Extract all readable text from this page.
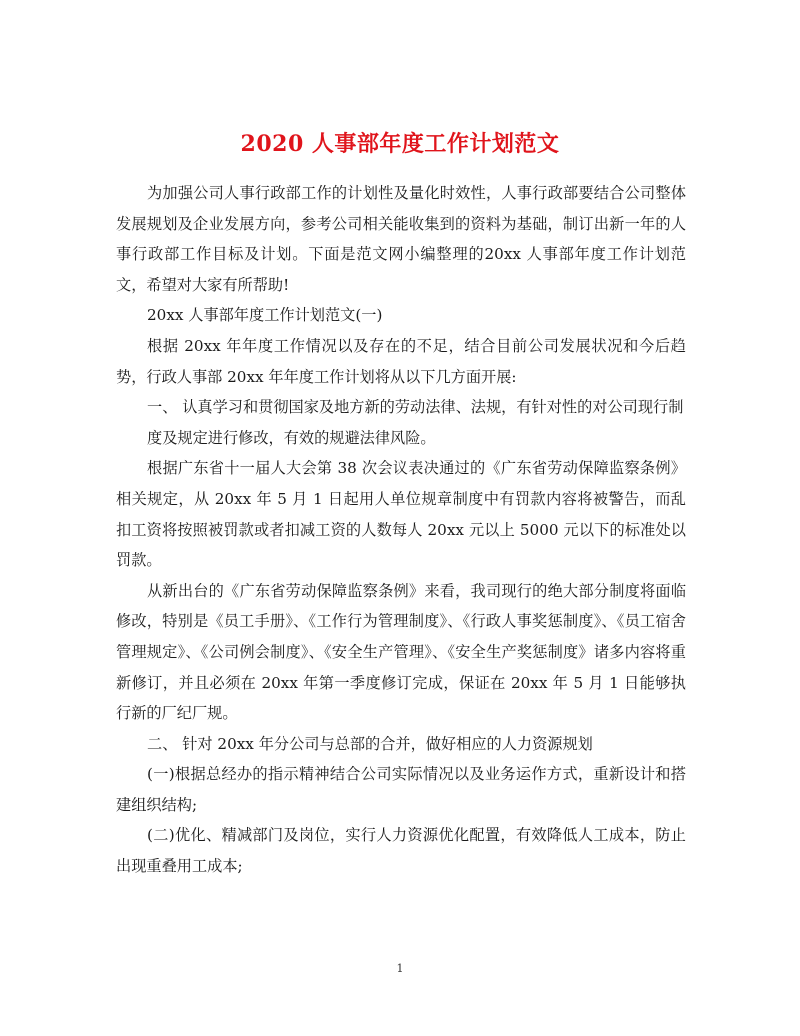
2020 人事部年度工作计划范文

为加强公司人事行政部工作的计划性及量化时效性，人事行政部要结合公司整体发展规划及企业发展方向，参考公司相关能收集到的资料为基础，制订出新一年的人事行政部工作目标及计划。下面是范文网小编整理的20xx 人事部年度工作计划范文，希望对大家有所帮助!

20xx 人事部年度工作计划范文(一)

根据 20xx 年年度工作情况以及存在的不足，结合目前公司发展状况和今后趋势，行政人事部 20xx 年年度工作计划将从以下几方面开展:

一、 认真学习和贯彻国家及地方新的劳动法律、法规，有针对性的对公司现行制

度及规定进行修改，有效的规避法律风险。

根据广东省十一届人大会第 38 次会议表决通过的《广东省劳动保障监察条例》相关规定，从 20xx 年 5 月 1 日起用人单位规章制度中有罚款内容将被警告，而乱扣工资将按照被罚款或者扣减工资的人数每人 20xx 元以上 5000 元以下的标准处以罚款。

从新出台的《广东省劳动保障监察条例》来看，我司现行的绝大部分制度将面临修改，特别是《员工手册》、《工作行为管理制度》、《行政人事奖惩制度》、《员工宿舍管理规定》、《公司例会制度》、《安全生产管理》、《安全生产奖惩制度》诸多内容将重新修订，并且必须在 20xx 年第一季度修订完成，保证在 20xx 年 5 月 1 日能够执行新的厂纪厂规。

二、 针对 20xx 年分公司与总部的合并，做好相应的人力资源规划

(一)根据总经办的指示精神结合公司实际情况以及业务运作方式，重新设计和搭建组织结构;

(二)优化、精减部门及岗位，实行人力资源优化配置，有效降低人工成本，防止出现重叠用工成本;

1
